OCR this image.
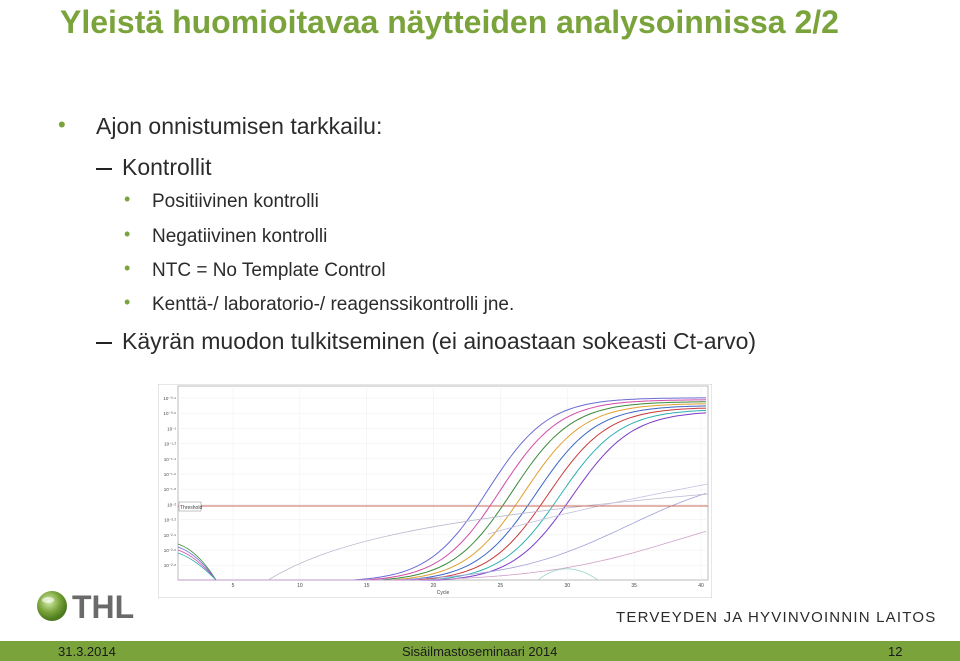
Yleistä huomioitavaa näytteiden analysoinnissa 2/2
• Ajon onnistumisen tarkkailu:
Kontrollit
• Positiivinen kontrolli
• Negatiivinen kontrolli
• NTC = No Template Control
• Kenttä-/ laboratorio-/ reagenssikontrolli jne.
Käyrän muodon tulkitseminen (ei ainoastaan sokeasti Ct-arvo)
10⁻⁰·⁴
10⁻⁰·⁶
10⁻¹
10⁻¹·²
10⁻¹·⁴
10⁻¹·⁶
10⁻¹·⁸
10⁻²
10⁻²·²
10⁻²·⁴
10⁻²·⁶
10⁻²·⁸
5	10	15	20	25	30	35	40
Threshold
Cycle
THL	TERVEYDEN JA HYVINVOINNIN LAITOS
31.3.2014	Sisäilmastoseminaari 2014	12
